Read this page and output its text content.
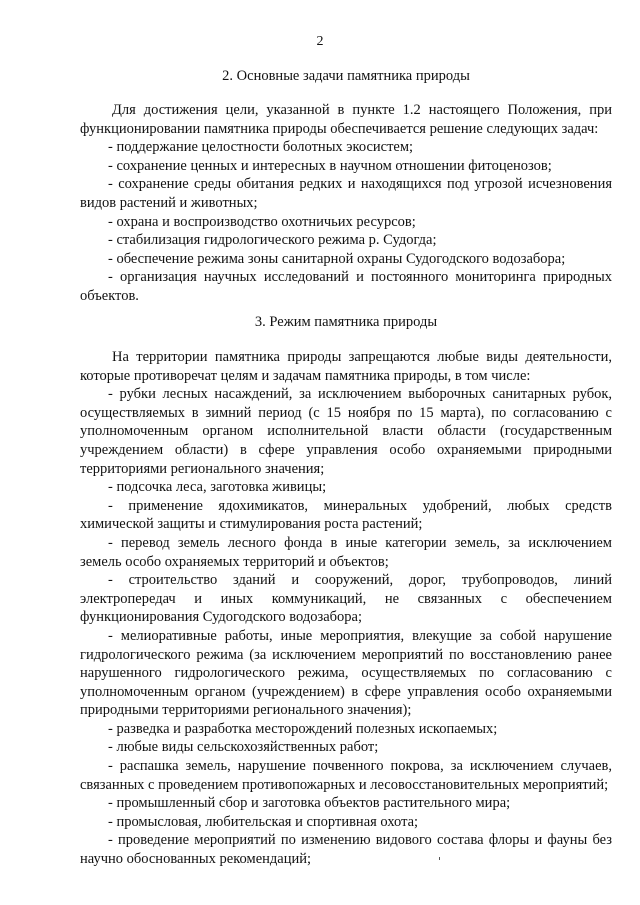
2
2. Основные задачи памятника природы

Для достижения цели, указанной в пункте 1.2 настоящего Положения, при функционировании памятника природы обеспечивается решение следующих задач:

- поддержание целостности болотных экосистем;

- сохранение ценных и интересных в научном отношении фитоценозов;

- сохранение среды обитания редких и находящихся под угрозой исчезновения видов растений и животных;

- охрана и воспроизводство охотничьих ресурсов;

- стабилизация гидрологического режима р. Судогда;

- обеспечение режима зоны санитарной охраны Судогодского водозабора;

- организация научных исследований и постоянного мониторинга природных объектов.

3. Режим памятника природы

На территории памятника природы запрещаются любые виды деятельности, которые противоречат целям и задачам памятника природы, в том числе:

- рубки лесных насаждений, за исключением выборочных санитарных рубок, осуществляемых в зимний период (с 15 ноября по 15 марта), по согласованию с уполномоченным органом исполнительной власти области (государственным учреждением области) в сфере управления особо охраняемыми природными территориями регионального значения;

- подсочка леса, заготовка живицы;

- применение ядохимикатов, минеральных удобрений, любых средств химической защиты и стимулирования роста растений;

- перевод земель лесного фонда в иные категории земель, за исключением земель особо охраняемых территорий и объектов;

- строительство зданий и сооружений, дорог, трубопроводов, линий электропередач и иных коммуникаций, не связанных с обеспечением функционирования Судогодского водозабора;

- мелиоративные работы, иные мероприятия, влекущие за собой нарушение гидрологического режима (за исключением мероприятий по восстановлению ранее нарушенного гидрологического режима, осуществляемых по согласованию с уполномоченным органом (учреждением) в сфере управления особо охраняемыми природными территориями регионального значения);

- разведка и разработка месторождений полезных ископаемых;

- любые виды сельскохозяйственных работ;

- распашка земель, нарушение почвенного покрова, за исключением случаев, связанных с проведением противопожарных и лесовосстановительных мероприятий;

- промышленный сбор и заготовка объектов растительного мира;

- промысловая, любительская и спортивная охота;

- проведение мероприятий по изменению видового состава флоры и фауны без научно обоснованных рекомендаций;
